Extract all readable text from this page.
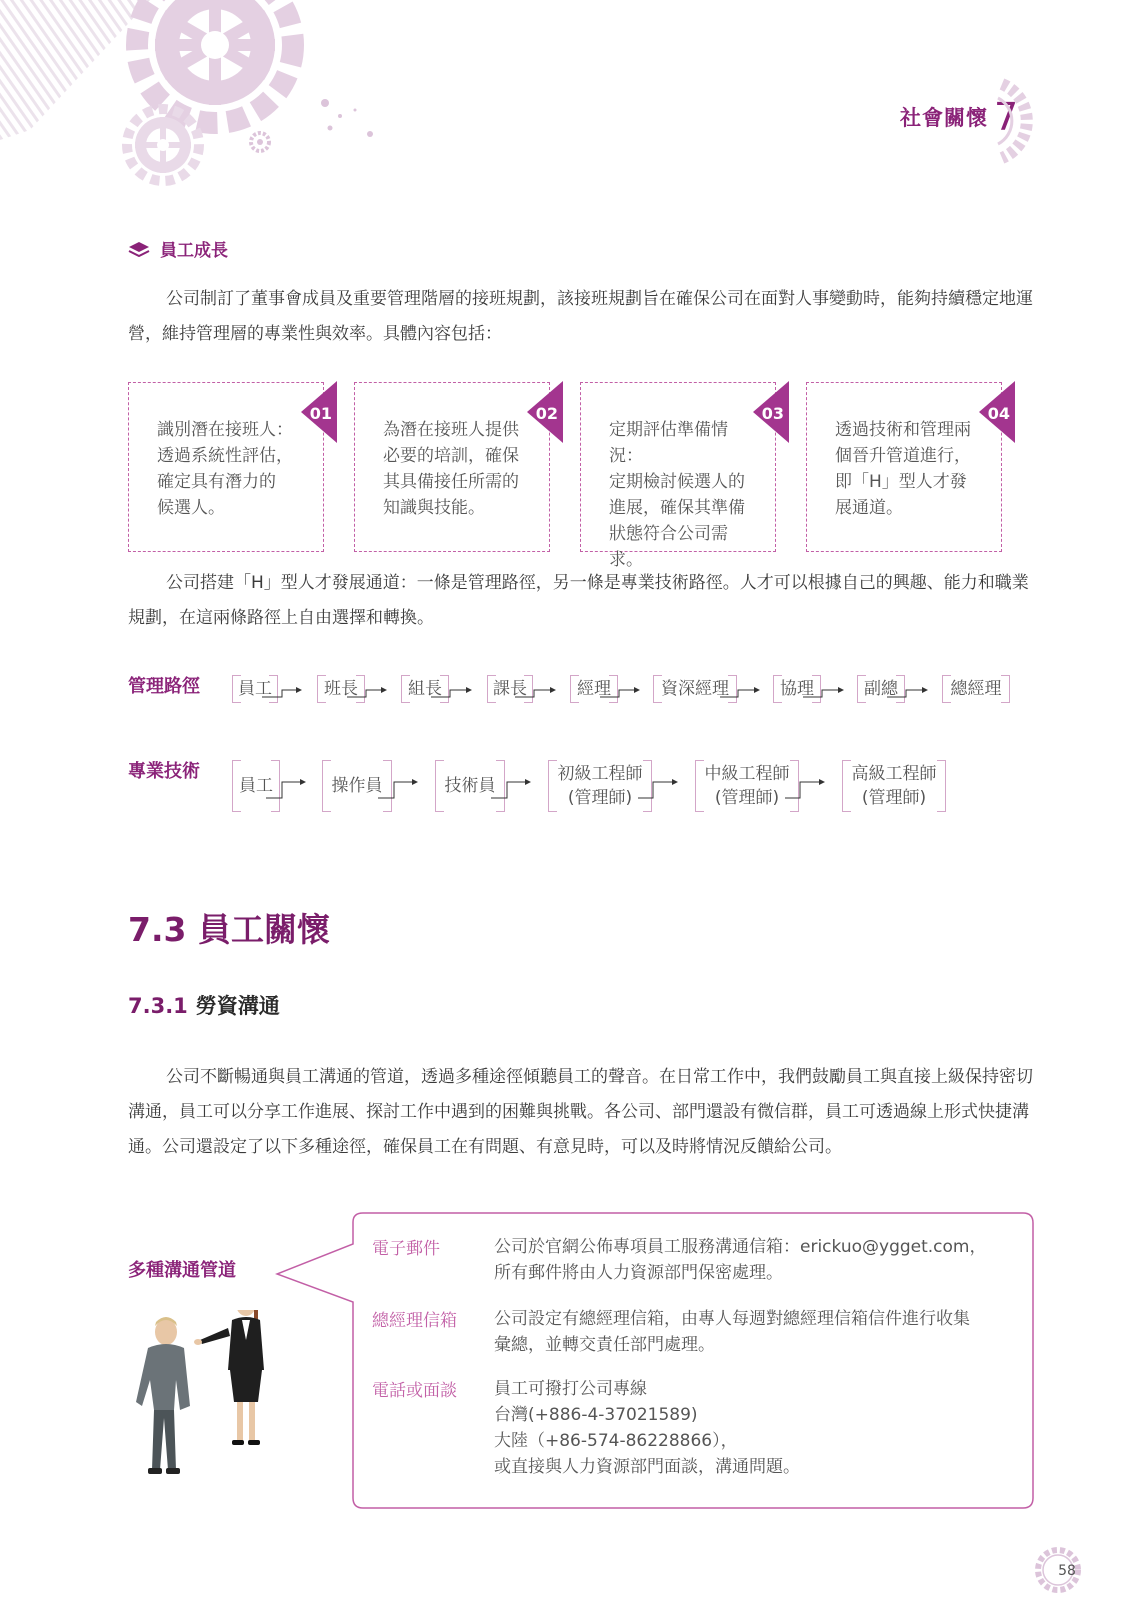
社會關懷 7
員工成長

公司制訂了董事會成員及重要管理階層的接班規劃，該接班規劃旨在確保公司在面對人事變動時，能夠持續穩定地運營，維持管理層的專業性與效率。具體內容包括：

01
識別潛在接班人：
透過系統性評估，
確定具有潛力的
候選人。
02
為潛在接班人提供
必要的培訓，確保
其具備接任所需的
知識與技能。
03
定期評估準備情況：
定期檢討候選人的
進展，確保其準備
狀態符合公司需求。
04
透過技術和管理兩
個晉升管道進行，
即「H」型人才發
展通道。

公司搭建「H」型人才發展通道：一條是管理路徑，另一條是專業技術路徑。人才可以根據自己的興趣、能力和職業規劃，在這兩條路徑上自由選擇和轉換。

管理路徑	員工	班長	組長	課長	經理	資深經理	協理	副總	總經理
專業技術
員工	操作員	技術員
初級工程師
(管理師)
中級工程師
(管理師)
高級工程師
(管理師)
7.3 員工關懷
7.3.1 勞資溝通

公司不斷暢通與員工溝通的管道，透過多種途徑傾聽員工的聲音。在日常工作中，我們鼓勵員工與直接上級保持密切溝通，員工可以分享工作進展、探討工作中遇到的困難與挑戰。各公司、部門還設有微信群，員工可透過線上形式快捷溝通。公司還設定了以下多種途徑，確保員工在有問題、有意見時，可以及時將情況反饋給公司。

多種溝通管道
電子郵件	公司於官網公佈專項員工服務溝通信箱：erickuo@ygget.com，
所有郵件將由人力資源部門保密處理。
總經理信箱 公司設定有總經理信箱，由專人每週對總經理信箱信件進行收集
彙總，並轉交責任部門處理。
電話或面談 員工可撥打公司專線
台灣(+886-4-37021589)
大陸（+86-574-86228866），
或直接與人力資源部門面談，溝通問題。
58
